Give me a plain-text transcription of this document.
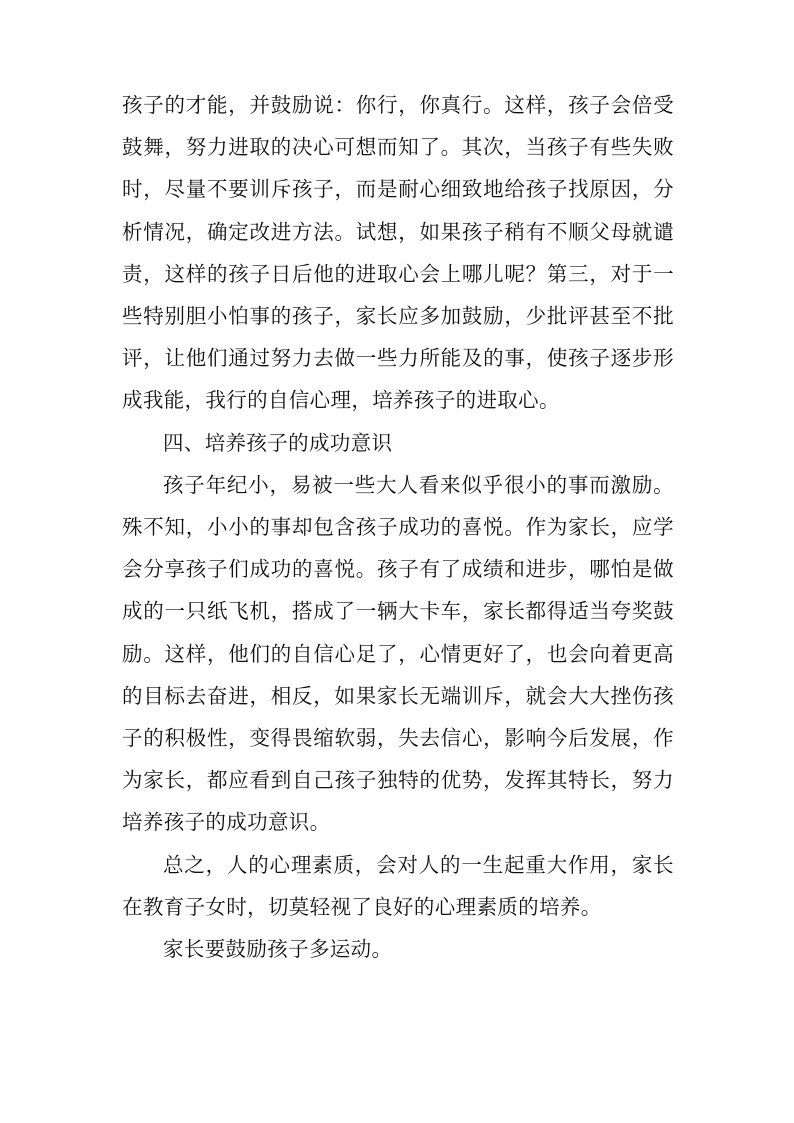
孩子的才能，并鼓励说：你行，你真行。这样，孩子会倍受鼓舞，努力进取的决心可想而知了。其次，当孩子有些失败时，尽量不要训斥孩子，而是耐心细致地给孩子找原因，分析情况，确定改进方法。试想，如果孩子稍有不顺父母就谴责，这样的孩子日后他的进取心会上哪儿呢？第三，对于一些特别胆小怕事的孩子，家长应多加鼓励，少批评甚至不批评，让他们通过努力去做一些力所能及的事，使孩子逐步形成我能，我行的自信心理，培养孩子的进取心。

四、培养孩子的成功意识

孩子年纪小，易被一些大人看来似乎很小的事而激励。殊不知，小小的事却包含孩子成功的喜悦。作为家长，应学会分享孩子们成功的喜悦。孩子有了成绩和进步，哪怕是做成的一只纸飞机，搭成了一辆大卡车，家长都得适当夸奖鼓励。这样，他们的自信心足了，心情更好了，也会向着更高的目标去奋进，相反，如果家长无端训斥，就会大大挫伤孩子的积极性，变得畏缩软弱，失去信心，影响今后发展，作为家长，都应看到自己孩子独特的优势，发挥其特长，努力培养孩子的成功意识。

总之，人的心理素质，会对人的一生起重大作用，家长在教育子女时，切莫轻视了良好的心理素质的培养。

家长要鼓励孩子多运动。
